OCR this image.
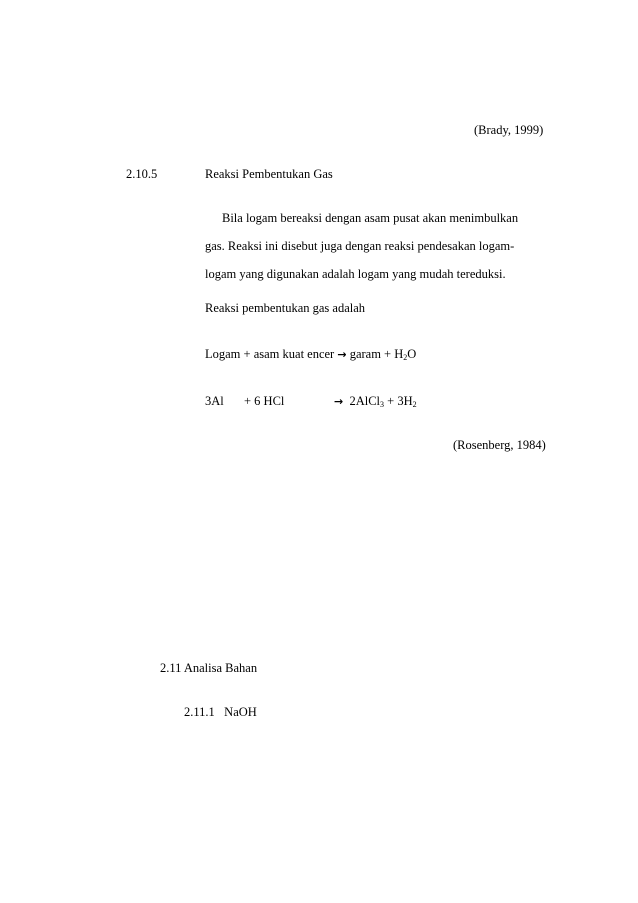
(Brady, 1999)
2.10.5	Reaksi Pembentukan Gas
Bila logam bereaksi dengan asam pusat akan menimbulkan
gas. Reaksi ini disebut juga dengan reaksi pendesakan logam-
logam yang digunakan adalah logam yang mudah tereduksi.
Reaksi pembentukan gas adalah
Logam + asam kuat encer → garam + $H_2O$
3Al + 6 HCl	→ 2AlCl$_3$ + $3H_2$
(Rosenberg, 1984)
2.11 Analisa Bahan
2.11.1   NaOH
